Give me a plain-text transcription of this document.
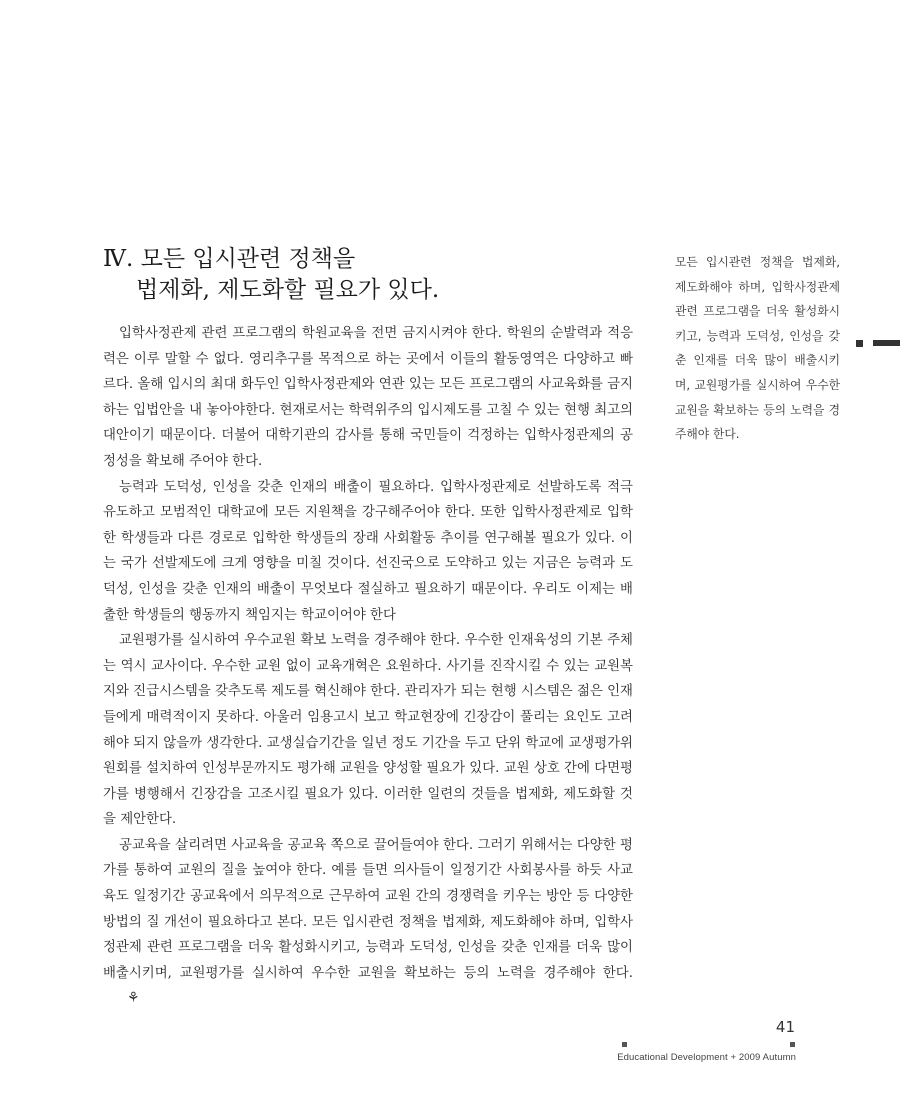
Ⅳ. 모든 입시관련 정책을
법제화, 제도화할 필요가 있다.

입학사정관제 관련 프로그램의 학원교육을 전면 금지시켜야 한다. 학원의 순발력과 적응력은 이루 말할 수 없다. 영리추구를 목적으로 하는 곳에서 이들의 활동영역은 다양하고 빠르다. 올해 입시의 최대 화두인 입학사정관제와 연관 있는 모든 프로그램의 사교육화를 금지하는 입법안을 내 놓아야한다. 현재로서는 학력위주의 입시제도를 고칠 수 있는 현행 최고의 대안이기 때문이다. 더불어 대학기관의 감사를 통해 국민들이 걱정하는 입학사정관제의 공정성을 확보해 주어야 한다.

능력과 도덕성, 인성을 갖춘 인재의 배출이 필요하다. 입학사정관제로 선발하도록 적극 유도하고 모범적인 대학교에 모든 지원책을 강구해주어야 한다. 또한 입학사정관제로 입학한 학생들과 다른 경로로 입학한 학생들의 장래 사회활동 추이를 연구해볼 필요가 있다. 이는 국가 선발제도에 크게 영향을 미칠 것이다. 선진국으로 도약하고 있는 지금은 능력과 도덕성, 인성을 갖춘 인재의 배출이 무엇보다 절실하고 필요하기 때문이다. 우리도 이제는 배출한 학생들의 행동까지 책임지는 학교이어야 한다

교원평가를 실시하여 우수교원 확보 노력을 경주해야 한다. 우수한 인재육성의 기본 주체는 역시 교사이다. 우수한 교원 없이 교육개혁은 요원하다. 사기를 진작시킬 수 있는 교원복지와 진급시스템을 갖추도록 제도를 혁신해야 한다. 관리자가 되는 현행 시스템은 젊은 인재들에게 매력적이지 못하다. 아울러 임용고시 보고 학교현장에 긴장감이 풀리는 요인도 고려해야 되지 않을까 생각한다. 교생실습기간을 일년 정도 기간을 두고 단위 학교에 교생평가위원회를 설치하여 인성부문까지도 평가해 교원을 양성할 필요가 있다. 교원 상호 간에 다면평가를 병행해서 긴장감을 고조시킬 필요가 있다. 이러한 일련의 것들을 법제화, 제도화할 것을 제안한다.

공교육을 살리려면 사교육을 공교육 쪽으로 끌어들여야 한다. 그러기 위해서는 다양한 평가를 통하여 교원의 질을 높여야 한다. 예를 들면 의사들이 일정기간 사회봉사를 하듯 사교육도 일정기간 공교육에서 의무적으로 근무하여 교원 간의 경쟁력을 키우는 방안 등 다양한 방법의 질 개선이 필요하다고 본다. 모든 입시관련 정책을 법제화, 제도화해야 하며, 입학사정관제 관련 프로그램을 더욱 활성화시키고, 능력과 도덕성, 인성을 갖춘 인재를 더욱 많이 배출시키며, 교원평가를 실시하여 우수한 교원을 확보하는 등의 노력을 경주해야 한다.⚘

모든 입시관련 정책을 법제화, 제도화해야 하며, 입학사정관제 관련 프로그램을 더욱 활성화시키고, 능력과 도덕성, 인성을 갖춘 인재를 더욱 많이 배출시키며, 교원평가를 실시하여 우수한 교원을 확보하는 등의 노력을 경주해야 한다.
41
Educational Development + 2009 Autumn
